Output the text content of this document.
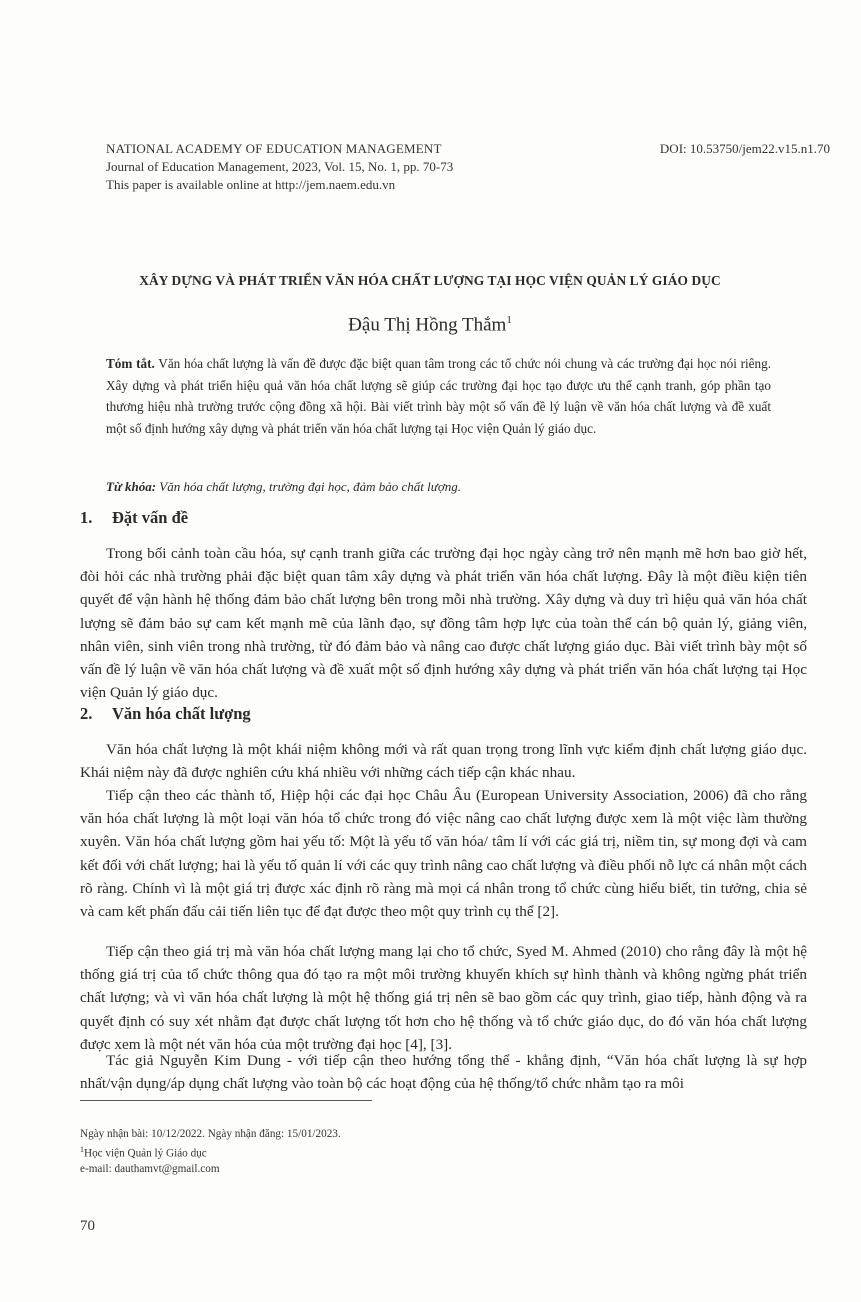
NATIONAL ACADEMY OF EDUCATION MANAGEMENT	DOI: 10.53750/jem22.v15.n1.70
Journal of Education Management, 2023, Vol. 15, No. 1, pp. 70-73
This paper is available online at http://jem.naem.edu.vn
XÂY DỰNG VÀ PHÁT TRIỂN VĂN HÓA CHẤT LƯỢNG TẠI HỌC VIỆN QUẢN LÝ GIÁO DỤC
Đậu Thị Hồng Thắm$^1$
Tóm tắt. Văn hóa chất lượng là vấn đề được đặc biệt quan tâm trong các tổ chức nói chung và các trường đại học nói riêng. Xây dựng và phát triển hiệu quả văn hóa chất lượng sẽ giúp các trường đại học tạo được ưu thế cạnh tranh, góp phần tạo thương hiệu nhà trường trước cộng đồng xã hội. Bài viết trình bày một số vấn đề lý luận về văn hóa chất lượng và đề xuất một số định hướng xây dựng và phát triển văn hóa chất lượng tại Học viện Quản lý giáo dục.
Từ khóa: Văn hóa chất lượng, trường đại học, đảm bảo chất lượng.
1. Đặt vấn đề

Trong bối cảnh toàn cầu hóa, sự cạnh tranh giữa các trường đại học ngày càng trở nên mạnh mẽ hơn bao giờ hết, đòi hỏi các nhà trường phải đặc biệt quan tâm xây dựng và phát triển văn hóa chất lượng. Đây là một điều kiện tiên quyết để vận hành hệ thống đảm bảo chất lượng bên trong mỗi nhà trường. Xây dựng và duy trì hiệu quả văn hóa chất lượng sẽ đảm bảo sự cam kết mạnh mẽ của lãnh đạo, sự đồng tâm hợp lực của toàn thể cán bộ quản lý, giảng viên, nhân viên, sinh viên trong nhà trường, từ đó đảm bảo và nâng cao được chất lượng giáo dục. Bài viết trình bày một số vấn đề lý luận về văn hóa chất lượng và đề xuất một số định hướng xây dựng và phát triển văn hóa chất lượng tại Học viện Quản lý giáo dục.

2. Văn hóa chất lượng

Văn hóa chất lượng là một khái niệm không mới và rất quan trọng trong lĩnh vực kiểm định chất lượng giáo dục. Khái niệm này đã được nghiên cứu khá nhiều với những cách tiếp cận khác nhau.

Tiếp cận theo các thành tố, Hiệp hội các đại học Châu Âu (European University Association, 2006) đã cho rằng văn hóa chất lượng là một loại văn hóa tổ chức trong đó việc nâng cao chất lượng được xem là một việc làm thường xuyên. Văn hóa chất lượng gồm hai yếu tố: Một là yếu tố văn hóa/ tâm lí với các giá trị, niềm tin, sự mong đợi và cam kết đối với chất lượng; hai là yếu tố quản lí với các quy trình nâng cao chất lượng và điều phối nỗ lực cá nhân một cách rõ ràng. Chính vì là một giá trị được xác định rõ ràng mà mọi cá nhân trong tổ chức cùng hiểu biết, tin tưởng, chia sẻ và cam kết phấn đấu cải tiến liên tục để đạt được theo một quy trình cụ thể [2].

Tiếp cận theo giá trị mà văn hóa chất lượng mang lại cho tổ chức, Syed M. Ahmed (2010) cho rằng đây là một hệ thống giá trị của tổ chức thông qua đó tạo ra một môi trường khuyến khích sự hình thành và không ngừng phát triển chất lượng; và vì văn hóa chất lượng là một hệ thống giá trị nên sẽ bao gồm các quy trình, giao tiếp, hành động và ra quyết định có suy xét nhằm đạt được chất lượng tốt hơn cho hệ thống và tổ chức giáo dục, do đó văn hóa chất lượng được xem là một nét văn hóa của một trường đại học [4], [3].

Tác giả Nguyễn Kim Dung - với tiếp cận theo hướng tổng thể - khẳng định, “Văn hóa chất lượng là sự hợp nhất/vận dụng/áp dụng chất lượng vào toàn bộ các hoạt động của hệ thống/tổ chức nhằm tạo ra môi

Ngày nhận bài: 10/12/2022. Ngày nhận đăng: 15/01/2023.
$^1$Học viện Quản lý Giáo dục
e-mail: dauthamvt@gmail.com
70
